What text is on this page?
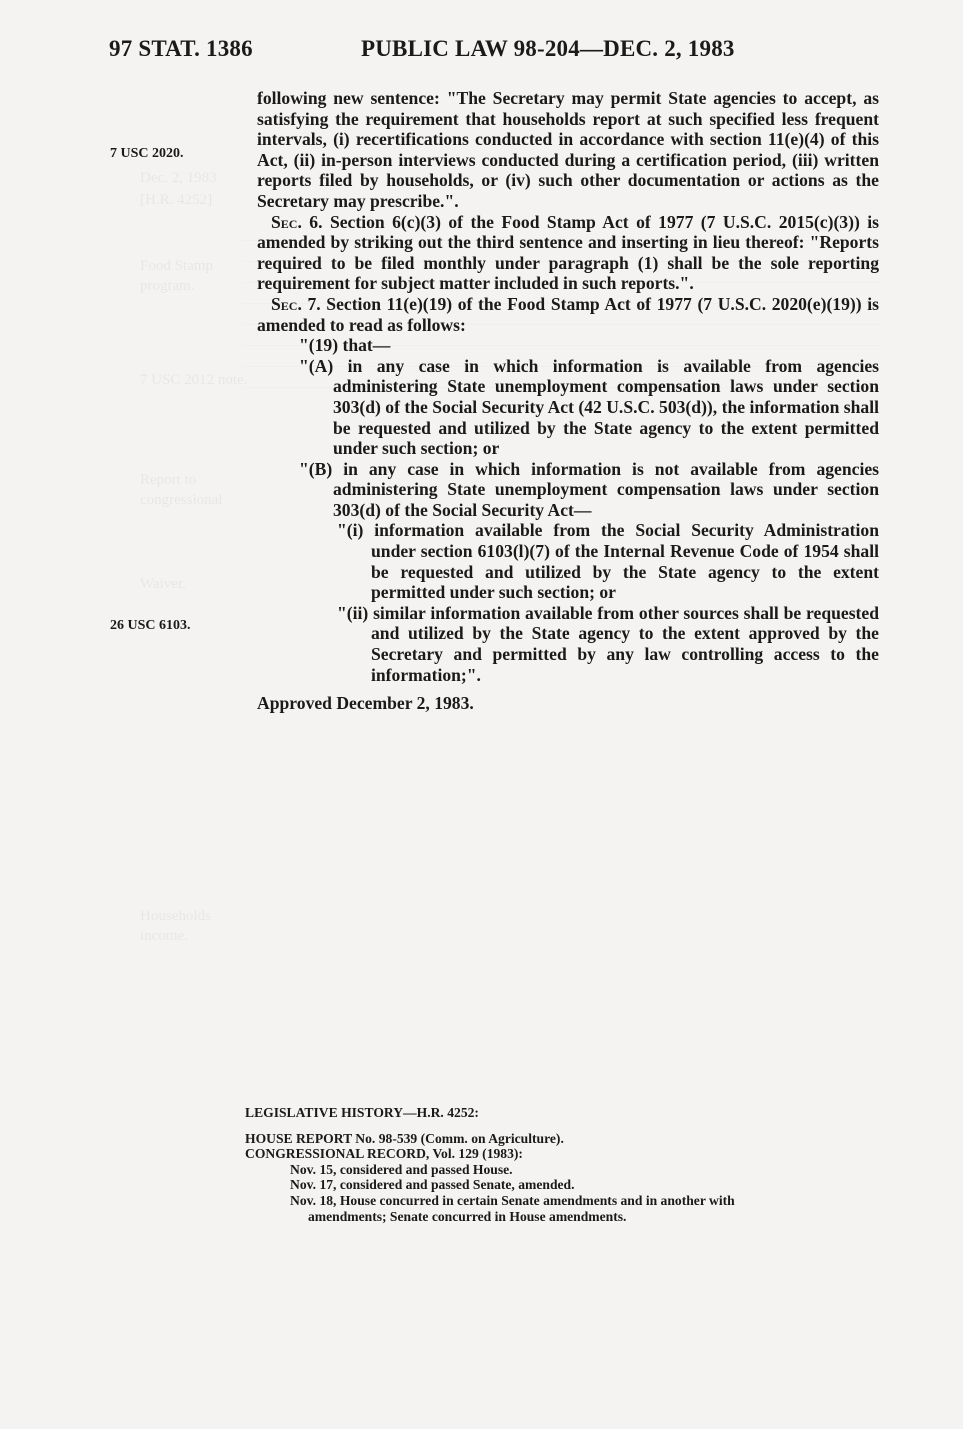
Dec. 2, 1983
[H.R. 4252]
Food Stamp
program.
7 USC 2012 note.
Report to
congressional
Waiver.
Households
income.
97 STAT. 1386	PUBLIC LAW 98-204—DEC. 2, 1983
7 USC 2020.
26 USC 6103.

following new sentence: "The Secretary may permit State agencies to accept, as satisfying the requirement that households report at such specified less frequent intervals, (i) recertifications conducted in accordance with section 11(e)(4) of this Act, (ii) in-person interviews conducted during a certification period, (iii) written reports filed by households, or (iv) such other documentation or actions as the Secretary may prescribe.".

Sec. 6. Section 6(c)(3) of the Food Stamp Act of 1977 (7 U.S.C. 2015(c)(3)) is amended by striking out the third sentence and inserting in lieu thereof: "Reports required to be filed monthly under paragraph (1) shall be the sole reporting requirement for subject matter included in such reports.".

Sec. 7. Section 11(e)(19) of the Food Stamp Act of 1977 (7 U.S.C. 2020(e)(19)) is amended to read as follows:

"(19) that—

"(A) in any case in which information is available from agencies administering State unemployment compensation laws under section 303(d) of the Social Security Act (42 U.S.C. 503(d)), the information shall be requested and utilized by the State agency to the extent permitted under such section; or

"(B) in any case in which information is not available from agencies administering State unemployment compensation laws under section 303(d) of the Social Security Act—

"(i) information available from the Social Security Administration under section 6103(l)(7) of the Internal Revenue Code of 1954 shall be requested and utilized by the State agency to the extent permitted under such section; or

"(ii) similar information available from other sources shall be requested and utilized by the State agency to the extent approved by the Secretary and permitted by any law controlling access to the information;".

Approved December 2, 1983.
LEGISLATIVE HISTORY—H.R. 4252:
HOUSE REPORT No. 98-539 (Comm. on Agriculture).
CONGRESSIONAL RECORD, Vol. 129 (1983):
Nov. 15, considered and passed House.
Nov. 17, considered and passed Senate, amended.
Nov. 18, House concurred in certain Senate amendments and in another with
amendments; Senate concurred in House amendments.
